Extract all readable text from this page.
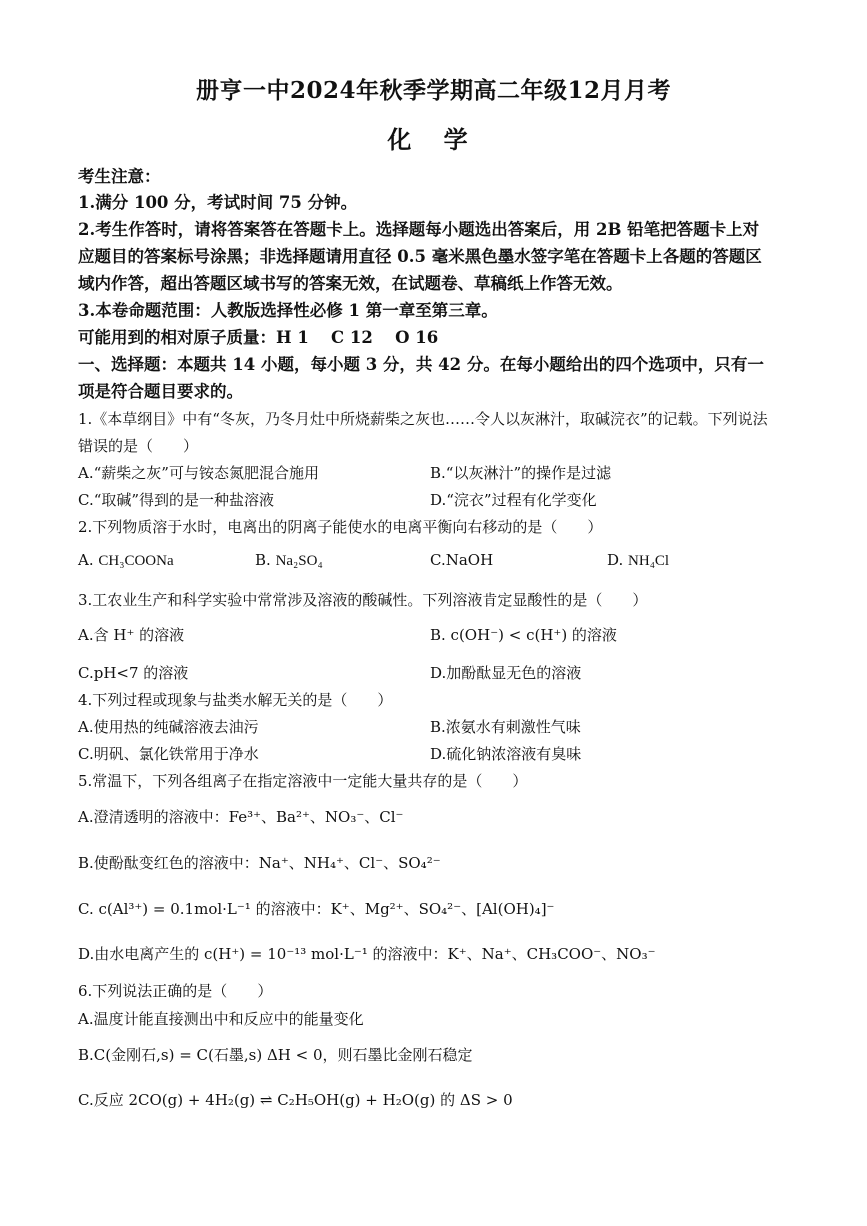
册亨一中2024年秋季学期高二年级12月月考
化 学
考生注意：
1.满分 100 分，考试时间 75 分钟。
2.考生作答时，请将答案答在答题卡上。选择题每小题选出答案后，用 2B 铅笔把答题卡上对
应题目的答案标号涂黑；非选择题请用直径 0.5 毫米黑色墨水签字笔在答题卡上各题的答题区
域内作答，超出答题区域书写的答案无效，在试题卷、草稿纸上作答无效。
3.本卷命题范围：人教版选择性必修 1 第一章至第三章。
可能用到的相对原子质量：H 1　 C 12　 O 16
一、选择题：本题共 14 小题，每小题 3 分，共 42 分。在每小题给出的四个选项中，只有一
项是符合题目要求的。
1.《本草纲目》中有“冬灰，乃冬月灶中所烧薪柴之灰也……令人以灰淋汁，取碱浣衣”的记载。下列说法
错误的是（　　）
A.“薪柴之灰”可与铵态氮肥混合施用	B.“以灰淋汁”的操作是过滤
C.“取碱”得到的是一种盐溶液	D.“浣衣”过程有化学变化
2.下列物质溶于水时，电离出的阴离子能使水的电离平衡向右移动的是（　　）
A. CH₃COONa	B. Na₂SO₄	C.NaOH	D. NH₄Cl
3.工农业生产和科学实验中常常涉及溶液的酸碱性。下列溶液肯定显酸性的是（　　）
A.含 H⁺ 的溶液	B. c(OH⁻) < c(H⁺) 的溶液
C.pH<7 的溶液	D.加酚酞显无色的溶液
4.下列过程或现象与盐类水解无关的是（　　）
A.使用热的纯碱溶液去油污	B.浓氨水有刺激性气味
C.明矾、氯化铁常用于净水	D.硫化钠浓溶液有臭味
5.常温下，下列各组离子在指定溶液中一定能大量共存的是（　　）
A.澄清透明的溶液中：Fe³⁺、Ba²⁺、NO₃⁻、Cl⁻
B.使酚酞变红色的溶液中：Na⁺、NH₄⁺、Cl⁻、SO₄²⁻
C. c(Al³⁺) = 0.1mol·L⁻¹ 的溶液中：K⁺、Mg²⁺、SO₄²⁻、[Al(OH)₄]⁻
D.由水电离产生的 c(H⁺) = 10⁻¹³ mol·L⁻¹ 的溶液中：K⁺、Na⁺、CH₃COO⁻、NO₃⁻
6.下列说法正确的是（　　）
A.温度计能直接测出中和反应中的能量变化
B.C(金刚石,s) = C(石墨,s) ΔH < 0，则石墨比金刚石稳定
C.反应 2CO(g) + 4H₂(g) ⇌ C₂H₅OH(g) + H₂O(g) 的 ΔS > 0
